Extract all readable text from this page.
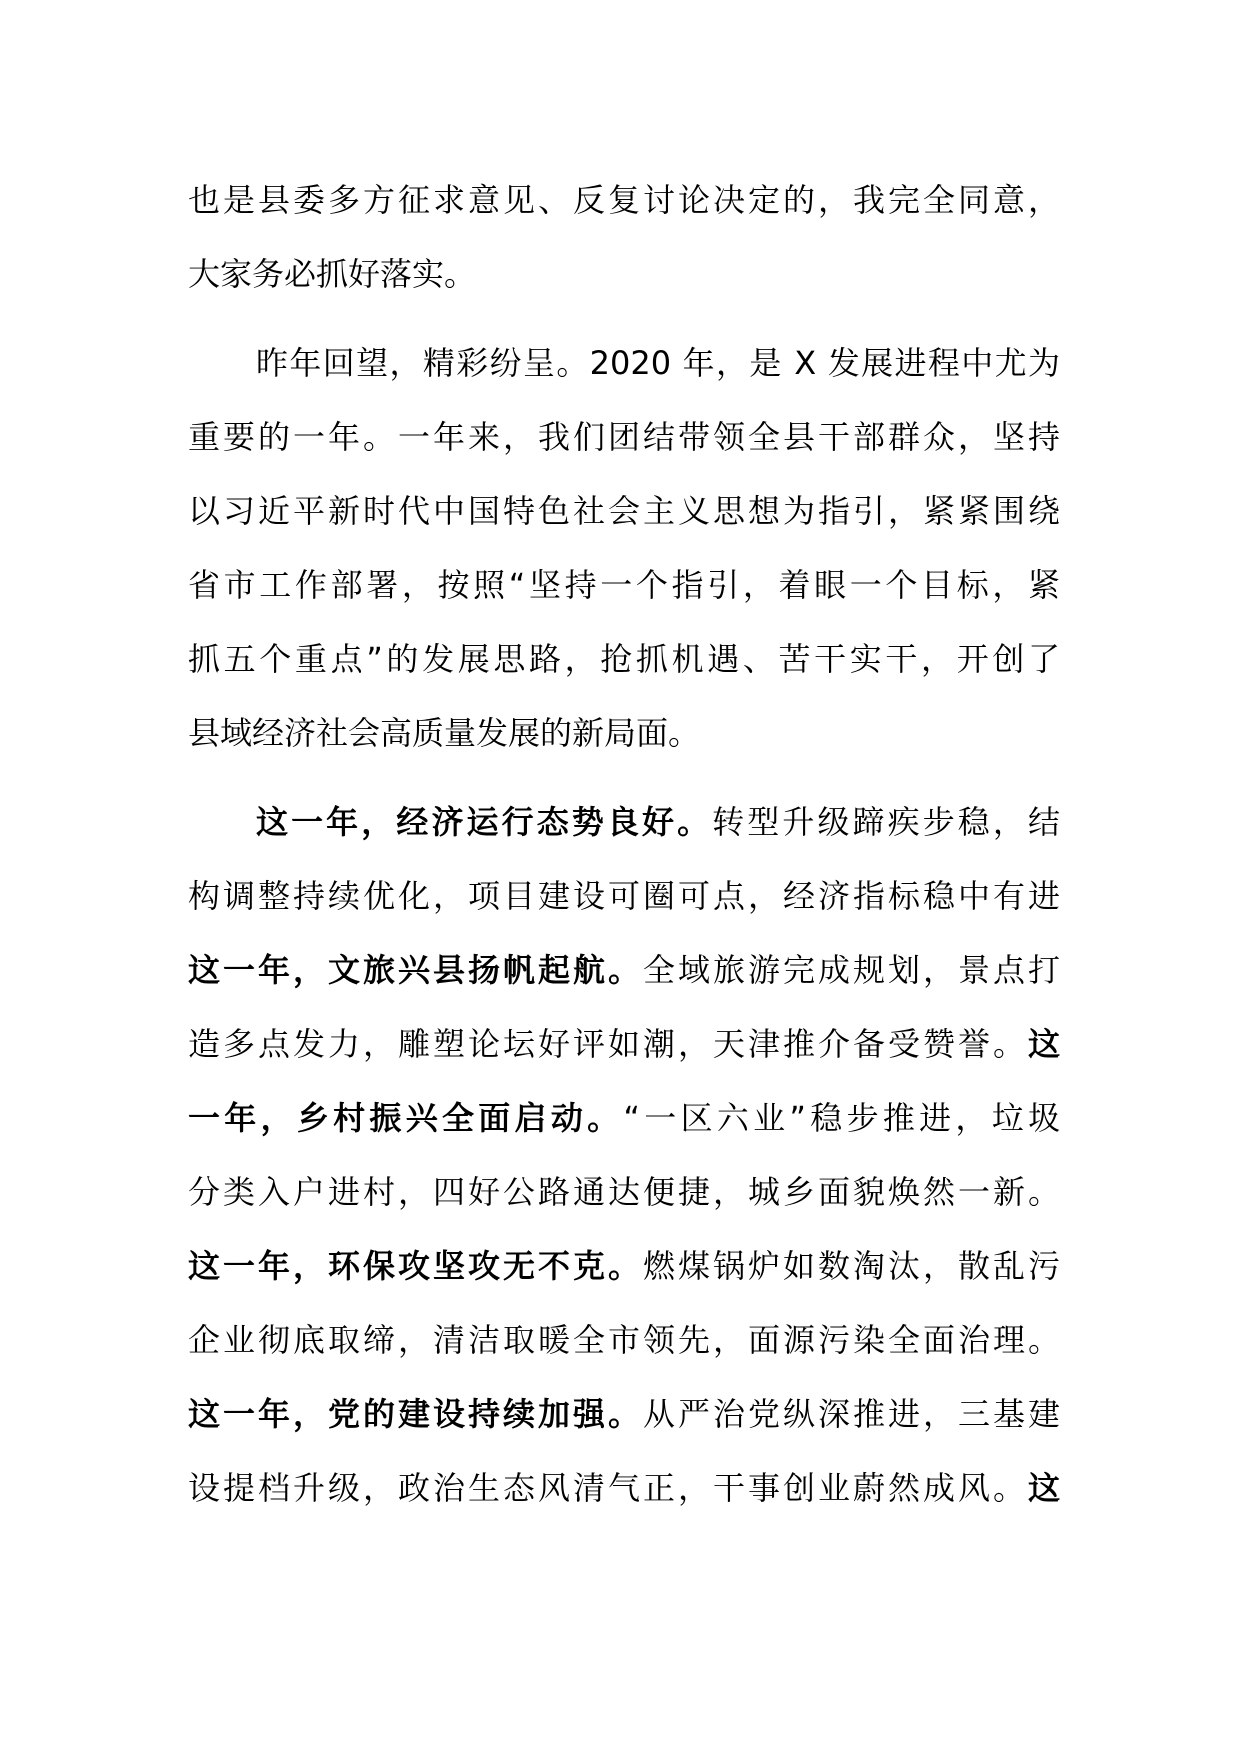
也是县委多方征求意见、反复讨论决定的，我完全同意，
大家务必抓好落实。
昨年回望，精彩纷呈。2020 年，是 X 发展进程中尤为
重要的一年。一年来，我们团结带领全县干部群众，坚持
以习近平新时代中国特色社会主义思想为指引，紧紧围绕
省市工作部署，按照“坚持一个指引，着眼一个目标，紧
抓五个重点”的发展思路，抢抓机遇、苦干实干，开创了
县域经济社会高质量发展的新局面。
这一年，经济运行态势良好。转型升级蹄疾步稳，结
构调整持续优化，项目建设可圈可点，经济指标稳中有进
这一年，文旅兴县扬帆起航。全域旅游完成规划，景点打
造多点发力，雕塑论坛好评如潮，天津推介备受赞誉。这
一年，乡村振兴全面启动。“一区六业”稳步推进，垃圾
分类入户进村，四好公路通达便捷，城乡面貌焕然一新。
这一年，环保攻坚攻无不克。燃煤锅炉如数淘汰，散乱污
企业彻底取缔，清洁取暖全市领先，面源污染全面治理。
这一年，党的建设持续加强。从严治党纵深推进，三基建
设提档升级，政治生态风清气正，干事创业蔚然成风。这
